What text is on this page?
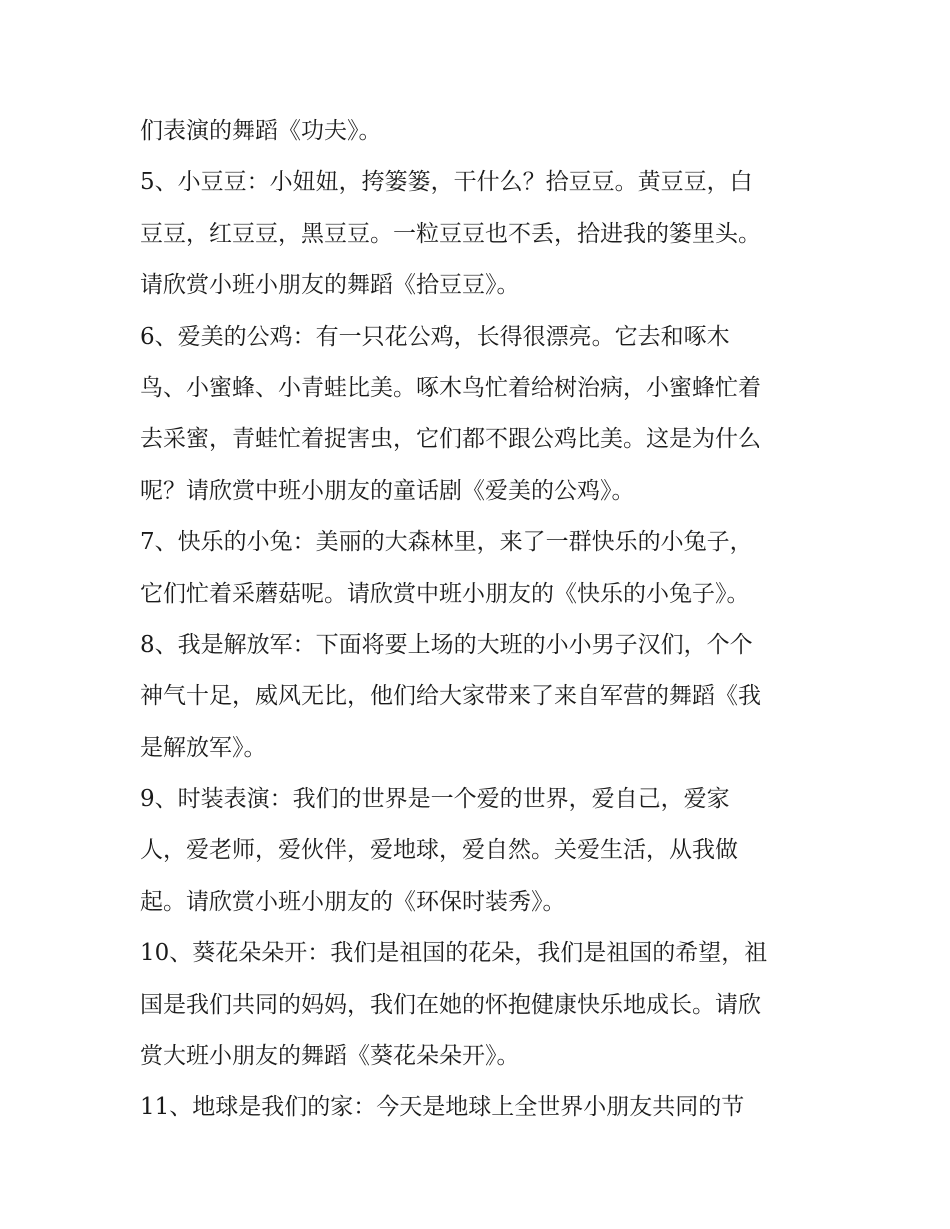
们表演的舞蹈《功夫》。
5、小豆豆：小妞妞，挎篓篓，干什么？拾豆豆。黄豆豆，白
豆豆，红豆豆，黑豆豆。一粒豆豆也不丢，拾进我的篓里头。
请欣赏小班小朋友的舞蹈《拾豆豆》。
6、爱美的公鸡：有一只花公鸡，长得很漂亮。它去和啄木
鸟、小蜜蜂、小青蛙比美。啄木鸟忙着给树治病，小蜜蜂忙着
去采蜜，青蛙忙着捉害虫，它们都不跟公鸡比美。这是为什么
呢？请欣赏中班小朋友的童话剧《爱美的公鸡》。
7、快乐的小兔：美丽的大森林里，来了一群快乐的小兔子，
它们忙着采蘑菇呢。请欣赏中班小朋友的《快乐的小兔子》。
8、我是解放军：下面将要上场的大班的小小男子汉们，个个
神气十足，威风无比，他们给大家带来了来自军营的舞蹈《我
是解放军》。
9、时装表演：我们的世界是一个爱的世界，爱自己，爱家
人，爱老师，爱伙伴，爱地球，爱自然。关爱生活，从我做
起。请欣赏小班小朋友的《环保时装秀》。
10、葵花朵朵开：我们是祖国的花朵，我们是祖国的希望，祖
国是我们共同的妈妈，我们在她的怀抱健康快乐地成长。请欣
赏大班小朋友的舞蹈《葵花朵朵开》。
11、地球是我们的家：今天是地球上全世界小朋友共同的节
